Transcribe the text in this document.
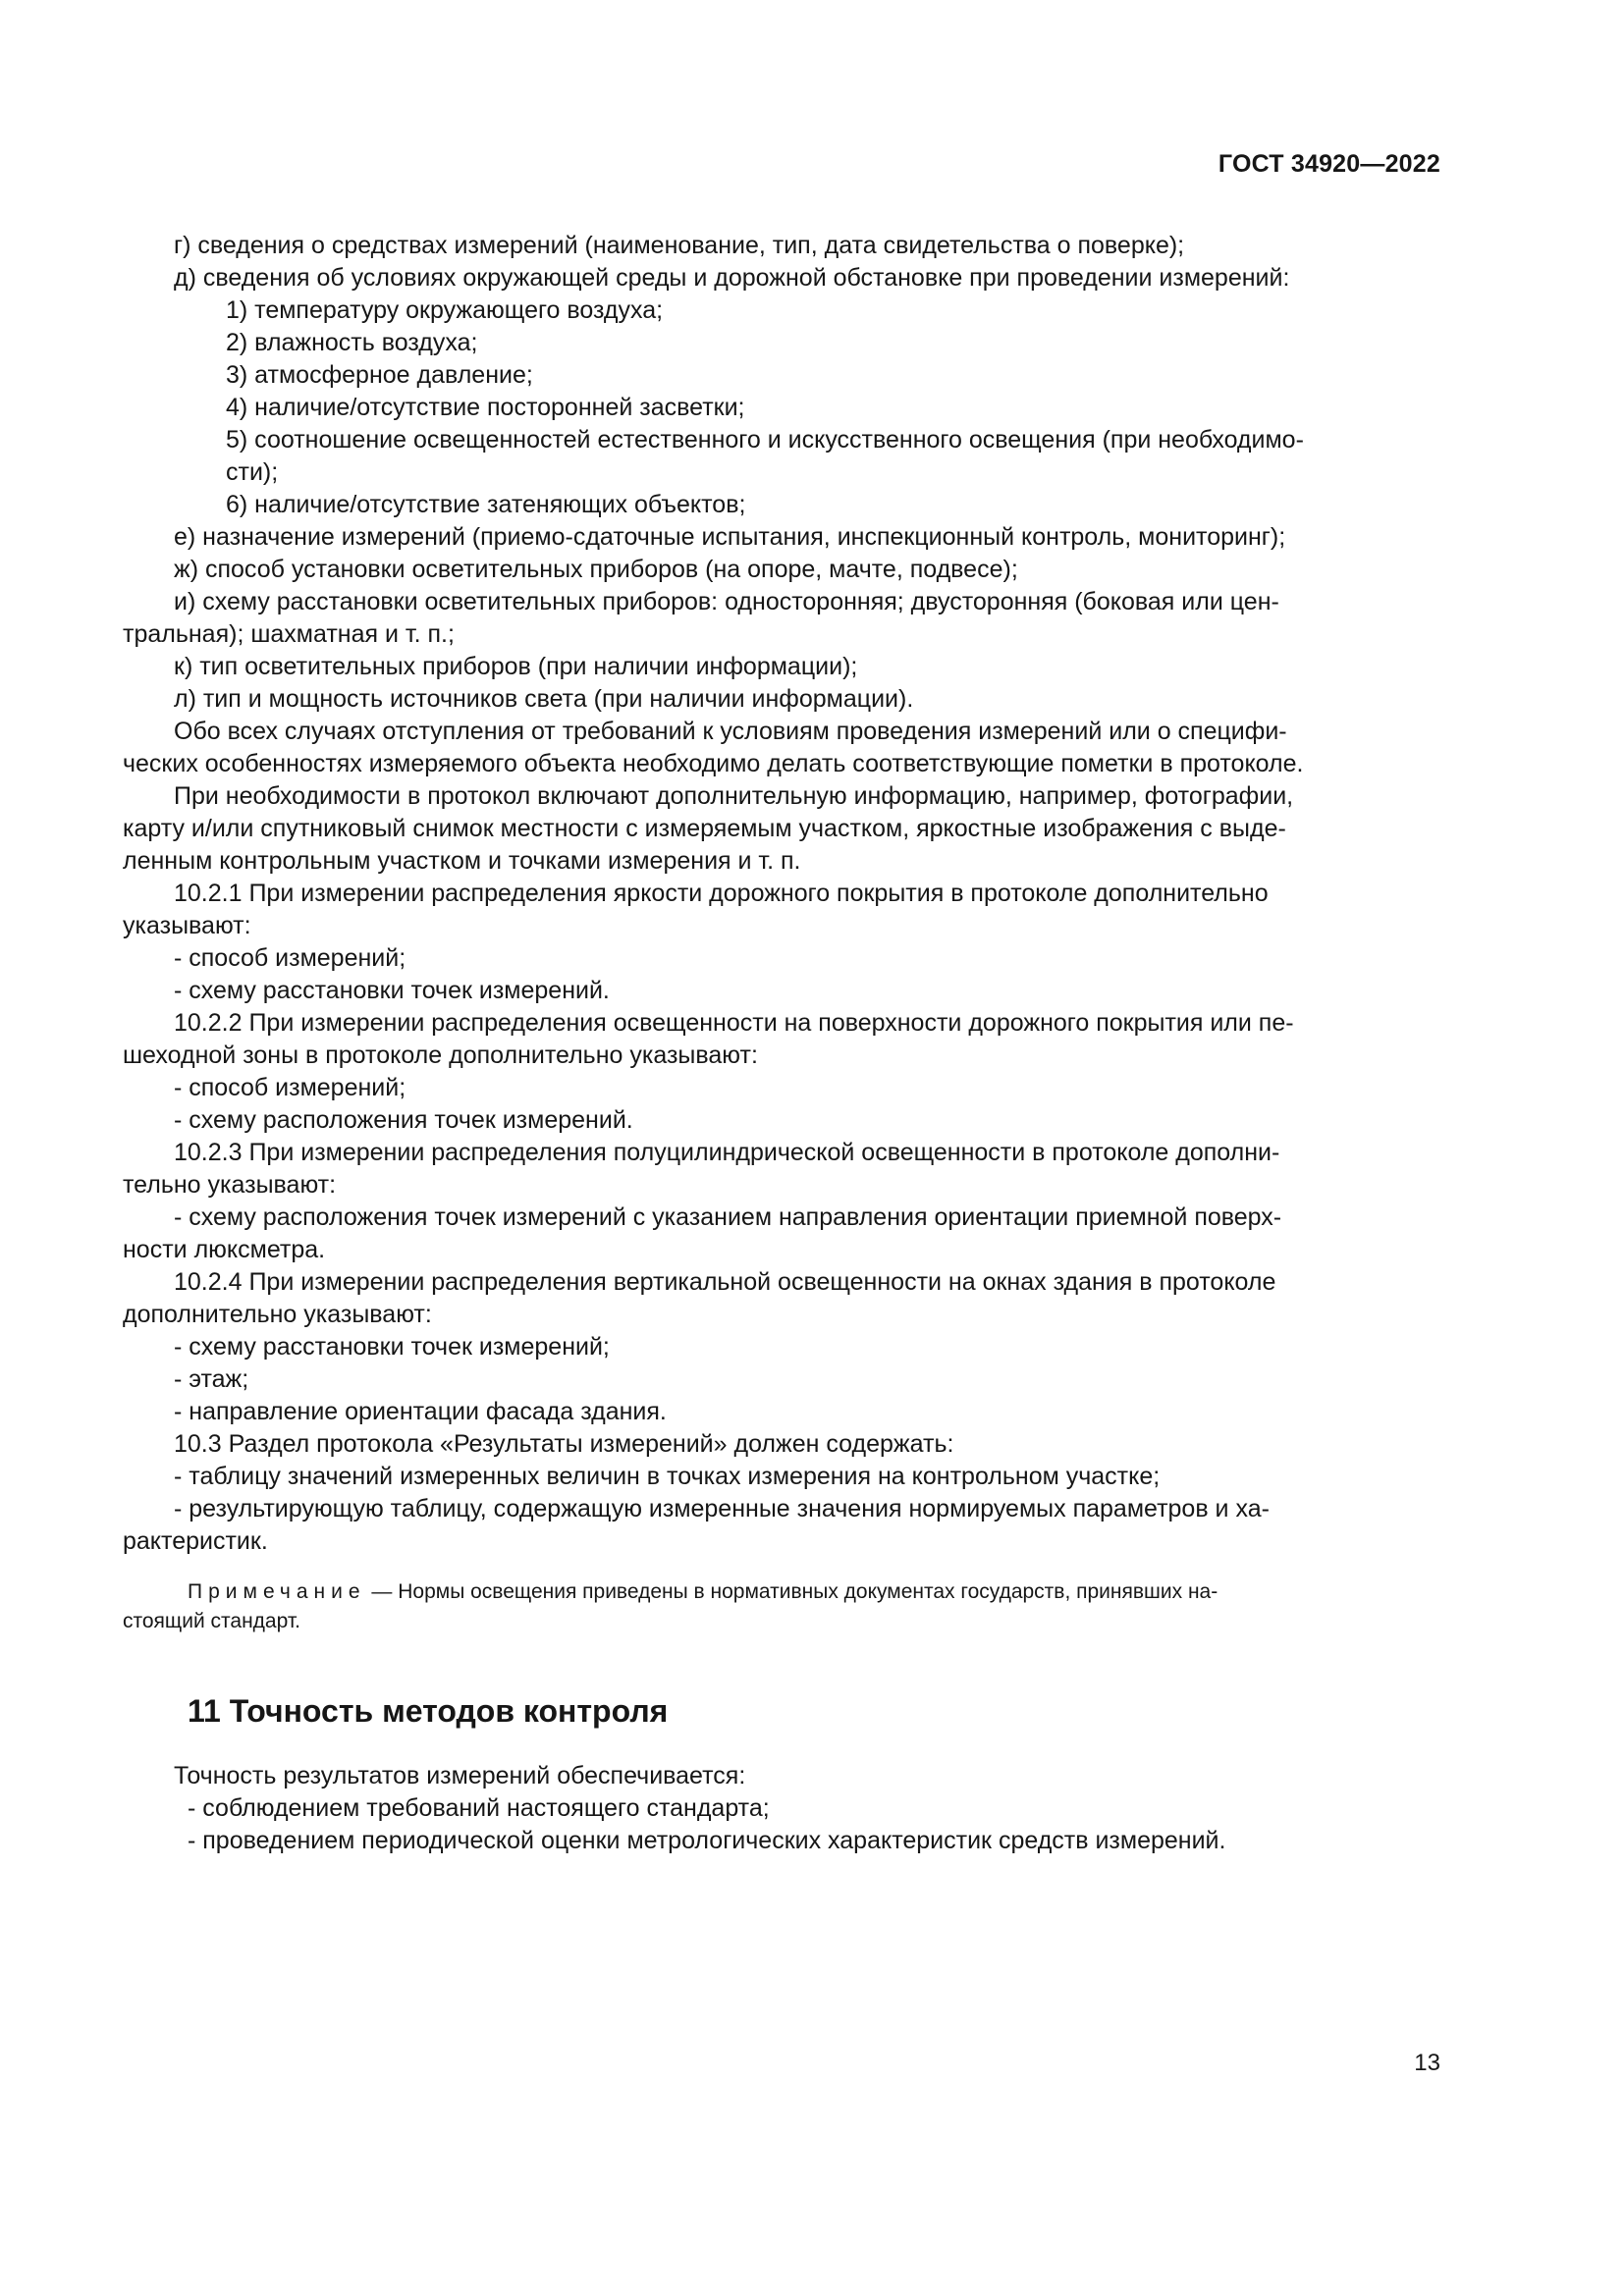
ГОСТ 34920—2022

г) сведения о средствах измерений (наименование, тип, дата свидетельства о поверке);

д) сведения об условиях окружающей среды и дорожной обстановке при проведении измерений:

1) температуру окружающего воздуха;

2) влажность воздуха;

3) атмосферное давление;

4) наличие/отсутствие посторонней засветки;

5) соотношение освещенностей естественного и искусственного освещения (при необходимо-

сти);

6) наличие/отсутствие затеняющих объектов;

е) назначение измерений (приемо-сдаточные испытания, инспекционный контроль, мониторинг);

ж) способ установки осветительных приборов (на опоре, мачте, подвесе);

и) схему расстановки осветительных приборов: односторонняя; двусторонняя (боковая или цен-

тральная); шахматная и т. п.;

к) тип осветительных приборов (при наличии информации);

л) тип и мощность источников света (при наличии информации).

Обо всех случаях отступления от требований к условиям проведения измерений или о специфи-

ческих особенностях измеряемого объекта необходимо делать соответствующие пометки в протоколе.

При необходимости в протокол включают дополнительную информацию, например, фотографии,

карту и/или спутниковый снимок местности с измеряемым участком, яркостные изображения с выде-

ленным контрольным участком и точками измерения и т. п.

10.2.1 При измерении распределения яркости дорожного покрытия в протоколе дополнительно

указывают:

- способ измерений;

- схему расстановки точек измерений.

10.2.2 При измерении распределения освещенности на поверхности дорожного покрытия или пе-

шеходной зоны в протоколе дополнительно указывают:

- способ измерений;

- схему расположения точек измерений.

10.2.3 При измерении распределения полуцилиндрической освещенности в протоколе дополни-

тельно указывают:

- схему расположения точек измерений с указанием направления ориентации приемной поверх-

ности люксметра.

10.2.4 При измерении распределения вертикальной освещенности на окнах здания в протоколе

дополнительно указывают:

- схему расстановки точек измерений;

- этаж;

- направление ориентации фасада здания.

10.3 Раздел протокола «Результаты измерений» должен содержать:

- таблицу значений измеренных величин в точках измерения на контрольном участке;

- результирующую таблицу, содержащую измеренные значения нормируемых параметров и ха-

рактеристик.

Примечание — Нормы освещения приведены в нормативных документах государств, принявших на-

стоящий стандарт.

11 Точность методов контроля

Точность результатов измерений обеспечивается:

- соблюдением требований настоящего стандарта;

- проведением периодической оценки метрологических характеристик средств измерений.

13
